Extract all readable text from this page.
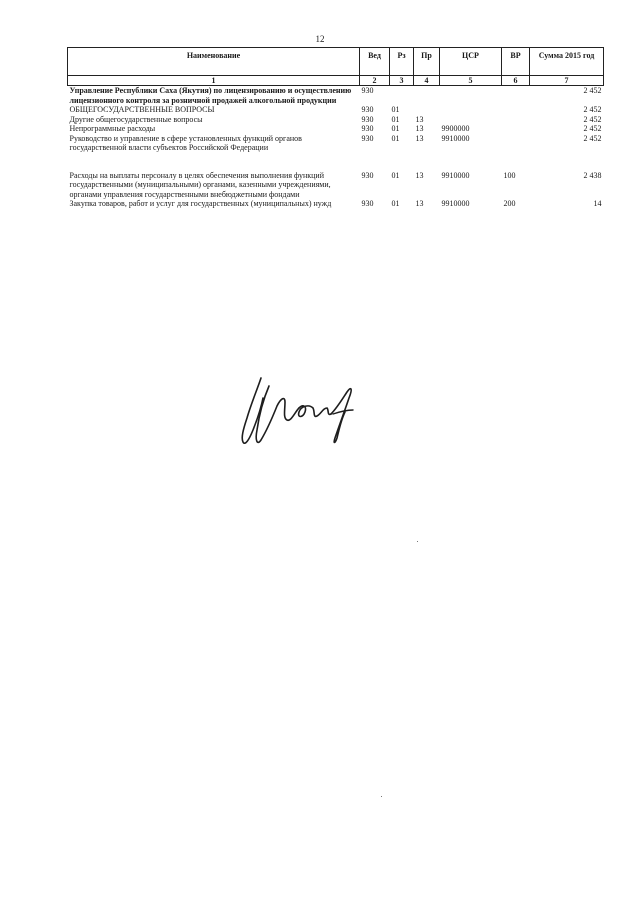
12
Наименование	Вед	Рз	Пр	ЦСР	ВР	Сумма 2015 год
1	2	3	4	5	6	7
Управление Республики Саха (Якутия) по лицензированию и осуществлению лицензионного контроля за розничной продажей алкогольной продукции	930					2 452
ОБЩЕГОСУДАРСТВЕННЫЕ ВОПРОСЫ	930	01				2 452
Другие общегосударственные вопросы	930	01	13			2 452
Непрограммные расходы	930	01	13	9900000		2 452
Руководство и управление в сфере установленных функций органов государственной власти субъектов Российской Федерации	930	01	13	9910000		2 452

Расходы на выплаты персоналу в целях обеспечения выполнения функций государственными (муниципальными) органами, казенными учреждениями, органами управления государственными внебюджетными фондами	930	01	13	9910000	100	2 438
Закупка товаров, работ и услуг для государственных (муниципальных) нужд	930	01	13	9910000	200	14
